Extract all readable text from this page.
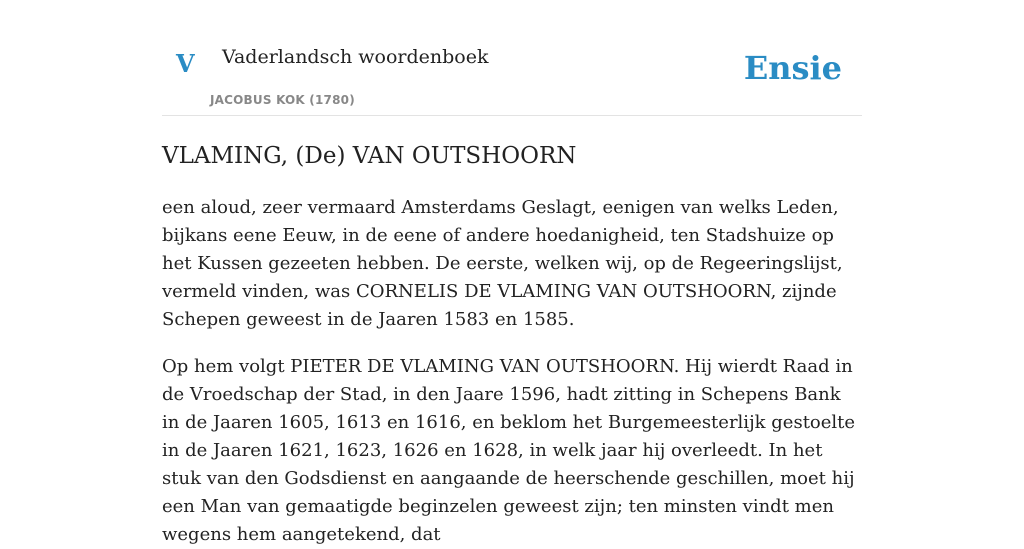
V Vaderlandsch woordenboek
JACOBUS KOK (1780)
Ensie
VLAMING, (De) VAN OUTSHOORN

een aloud, zeer vermaard Amsterdams Geslagt, eenigen van welks Leden, bijkans eene Eeuw, in de eene of andere hoedanigheid, ten Stadshuize op het Kussen gezeeten hebben. De eerste, welken wij, op de Regeeringslijst, vermeld vinden, was CORNELIS DE VLAMING VAN OUTSHOORN, zijnde Schepen geweest in de Jaaren 1583 en 1585.

Op hem volgt PIETER DE VLAMING VAN OUTSHOORN. Hij wierdt Raad in de Vroedschap der Stad, in den Jaare 1596, hadt zitting in Schepens Bank in de Jaaren 1605, 1613 en 1616, en beklom het Burgemeesterlijk gestoelte in de Jaaren 1621, 1623, 1626 en 1628, in welk jaar hij overleedt. In het stuk van den Godsdienst en aangaande de heerschende geschillen, moet hij een Man van gemaatigde beginzelen geweest zijn; ten minsten vindt men wegens hem aangetekend, dat
